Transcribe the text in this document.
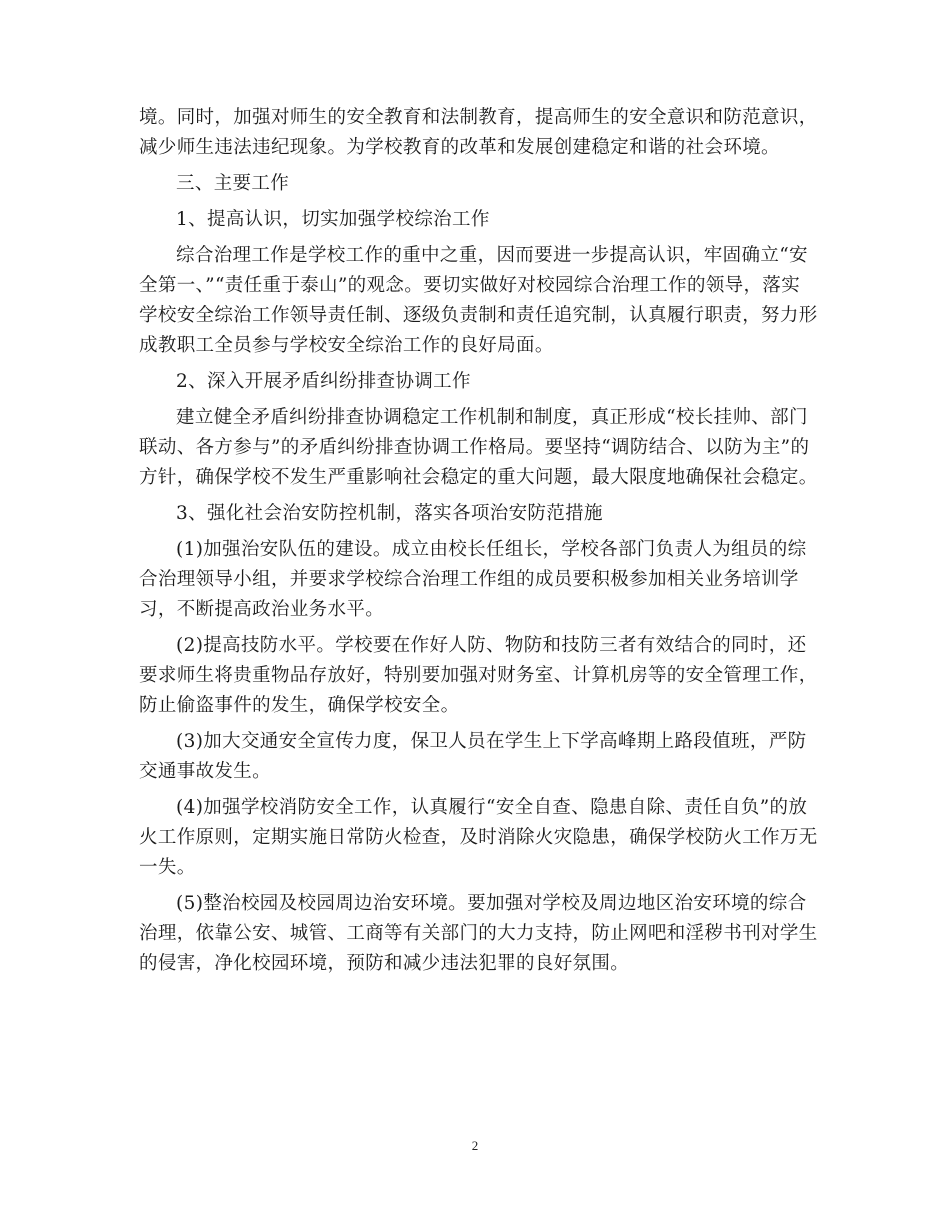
境。同时，加强对师生的安全教育和法制教育，提高师生的安全意识和防范意识，
减少师生违法违纪现象。为学校教育的改革和发展创建稳定和谐的社会环境。
三、主要工作
1、提高认识，切实加强学校综治工作
综合治理工作是学校工作的重中之重，因而要进一步提高认识，牢固确立“安
全第一、”“责任重于泰山”的观念。要切实做好对校园综合治理工作的领导，落实
学校安全综治工作领导责任制、逐级负责制和责任追究制，认真履行职责，努力形
成教职工全员参与学校安全综治工作的良好局面。
2、深入开展矛盾纠纷排查协调工作
建立健全矛盾纠纷排查协调稳定工作机制和制度，真正形成“校长挂帅、部门
联动、各方参与”的矛盾纠纷排查协调工作格局。要坚持“调防结合、以防为主”的
方针，确保学校不发生严重影响社会稳定的重大问题，最大限度地确保社会稳定。
3、强化社会治安防控机制，落实各项治安防范措施
(1)加强治安队伍的建设。成立由校长任组长，学校各部门负责人为组员的综
合治理领导小组，并要求学校综合治理工作组的成员要积极参加相关业务培训学
习，不断提高政治业务水平。
(2)提高技防水平。学校要在作好人防、物防和技防三者有效结合的同时，还
要求师生将贵重物品存放好，特别要加强对财务室、计算机房等的安全管理工作，
防止偷盗事件的发生，确保学校安全。
(3)加大交通安全宣传力度，保卫人员在学生上下学高峰期上路段值班，严防
交通事故发生。
(4)加强学校消防安全工作，认真履行“安全自查、隐患自除、责任自负”的放
火工作原则，定期实施日常防火检查，及时消除火灾隐患，确保学校防火工作万无
一失。
(5)整治校园及校园周边治安环境。要加强对学校及周边地区治安环境的综合
治理，依靠公安、城管、工商等有关部门的大力支持，防止网吧和淫秽书刊对学生
的侵害，净化校园环境，预防和减少违法犯罪的良好氛围。
2
